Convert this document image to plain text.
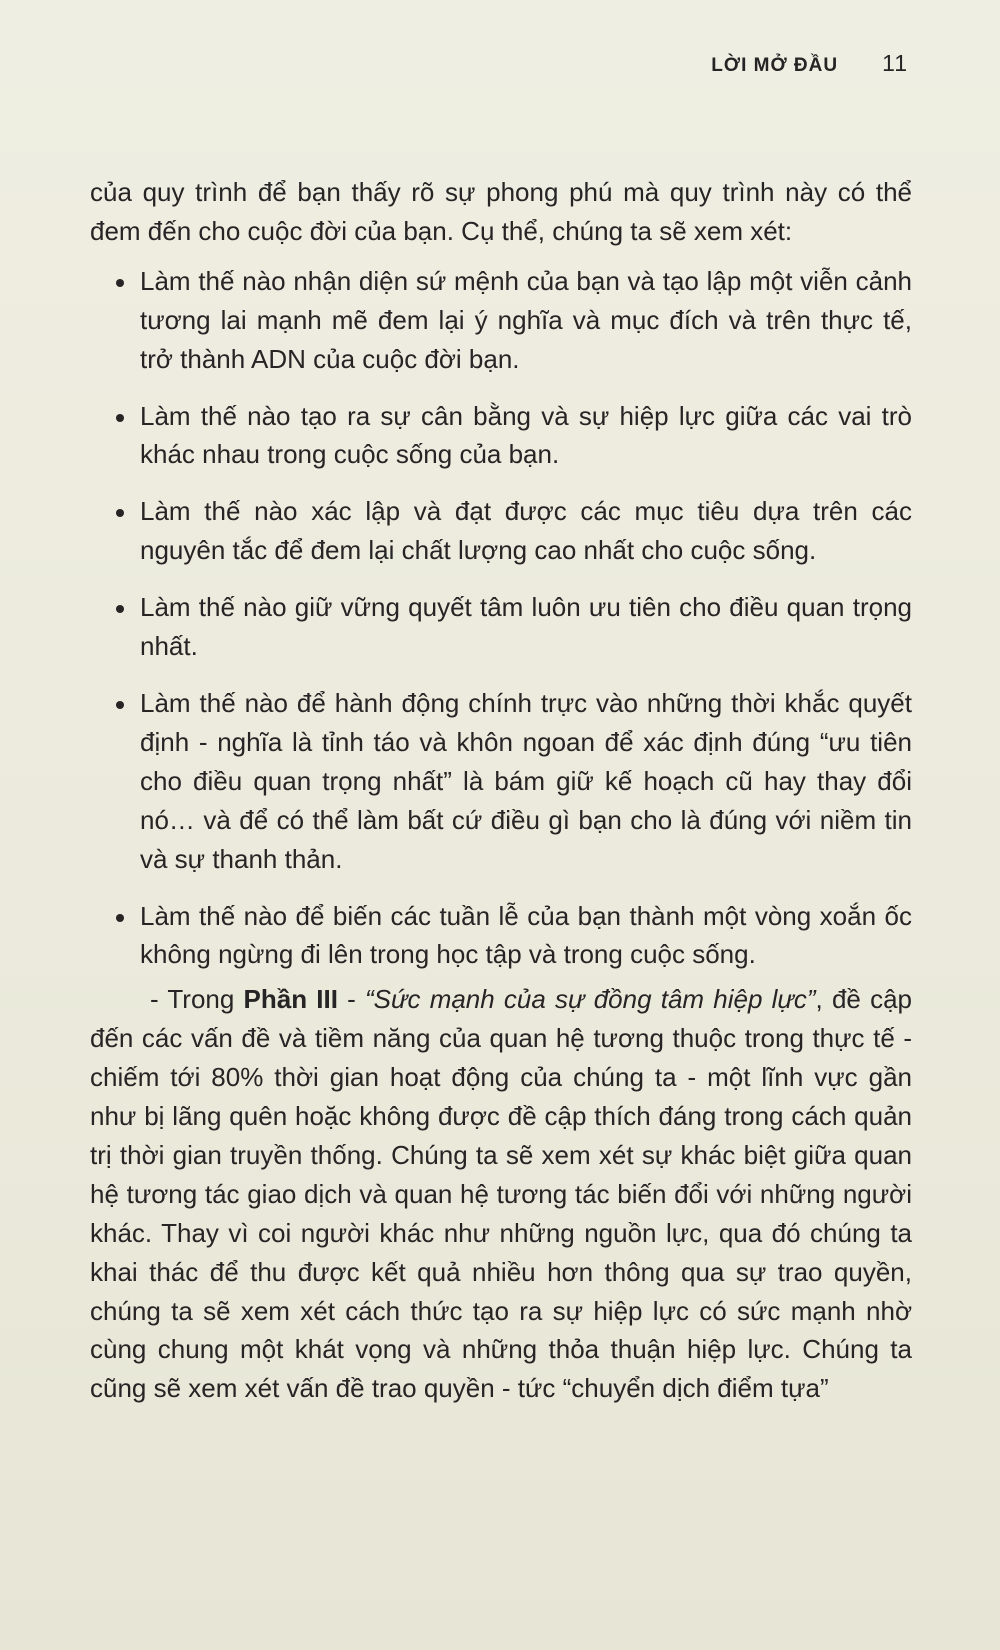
LỜI MỞ ĐẦU 11

của quy trình để bạn thấy rõ sự phong phú mà quy trình này có thể đem đến cho cuộc đời của bạn. Cụ thể, chúng ta sẽ xem xét:

Làm thế nào nhận diện sứ mệnh của bạn và tạo lập một viễn cảnh tương lai mạnh mẽ đem lại ý nghĩa và mục đích và trên thực tế, trở thành ADN của cuộc đời bạn.
Làm thế nào tạo ra sự cân bằng và sự hiệp lực giữa các vai trò khác nhau trong cuộc sống của bạn.
Làm thế nào xác lập và đạt được các mục tiêu dựa trên các nguyên tắc để đem lại chất lượng cao nhất cho cuộc sống.
Làm thế nào giữ vững quyết tâm luôn ưu tiên cho điều quan trọng nhất.
Làm thế nào để hành động chính trực vào những thời khắc quyết định - nghĩa là tỉnh táo và khôn ngoan để xác định đúng “ưu tiên cho điều quan trọng nhất” là bám giữ kế hoạch cũ hay thay đổi nó… và để có thể làm bất cứ điều gì bạn cho là đúng với niềm tin và sự thanh thản.
Làm thế nào để biến các tuần lễ của bạn thành một vòng xoắn ốc không ngừng đi lên trong học tập và trong cuộc sống.

- Trong Phần III - “Sức mạnh của sự đồng tâm hiệp lực”, đề cập đến các vấn đề và tiềm năng của quan hệ tương thuộc trong thực tế - chiếm tới 80% thời gian hoạt động của chúng ta - một lĩnh vực gần như bị lãng quên hoặc không được đề cập thích đáng trong cách quản trị thời gian truyền thống. Chúng ta sẽ xem xét sự khác biệt giữa quan hệ tương tác giao dịch và quan hệ tương tác biến đổi với những người khác. Thay vì coi người khác như những nguồn lực, qua đó chúng ta khai thác để thu được kết quả nhiều hơn thông qua sự trao quyền, chúng ta sẽ xem xét cách thức tạo ra sự hiệp lực có sức mạnh nhờ cùng chung một khát vọng và những thỏa thuận hiệp lực. Chúng ta cũng sẽ xem xét vấn đề trao quyền - tức “chuyển dịch điểm tựa”
